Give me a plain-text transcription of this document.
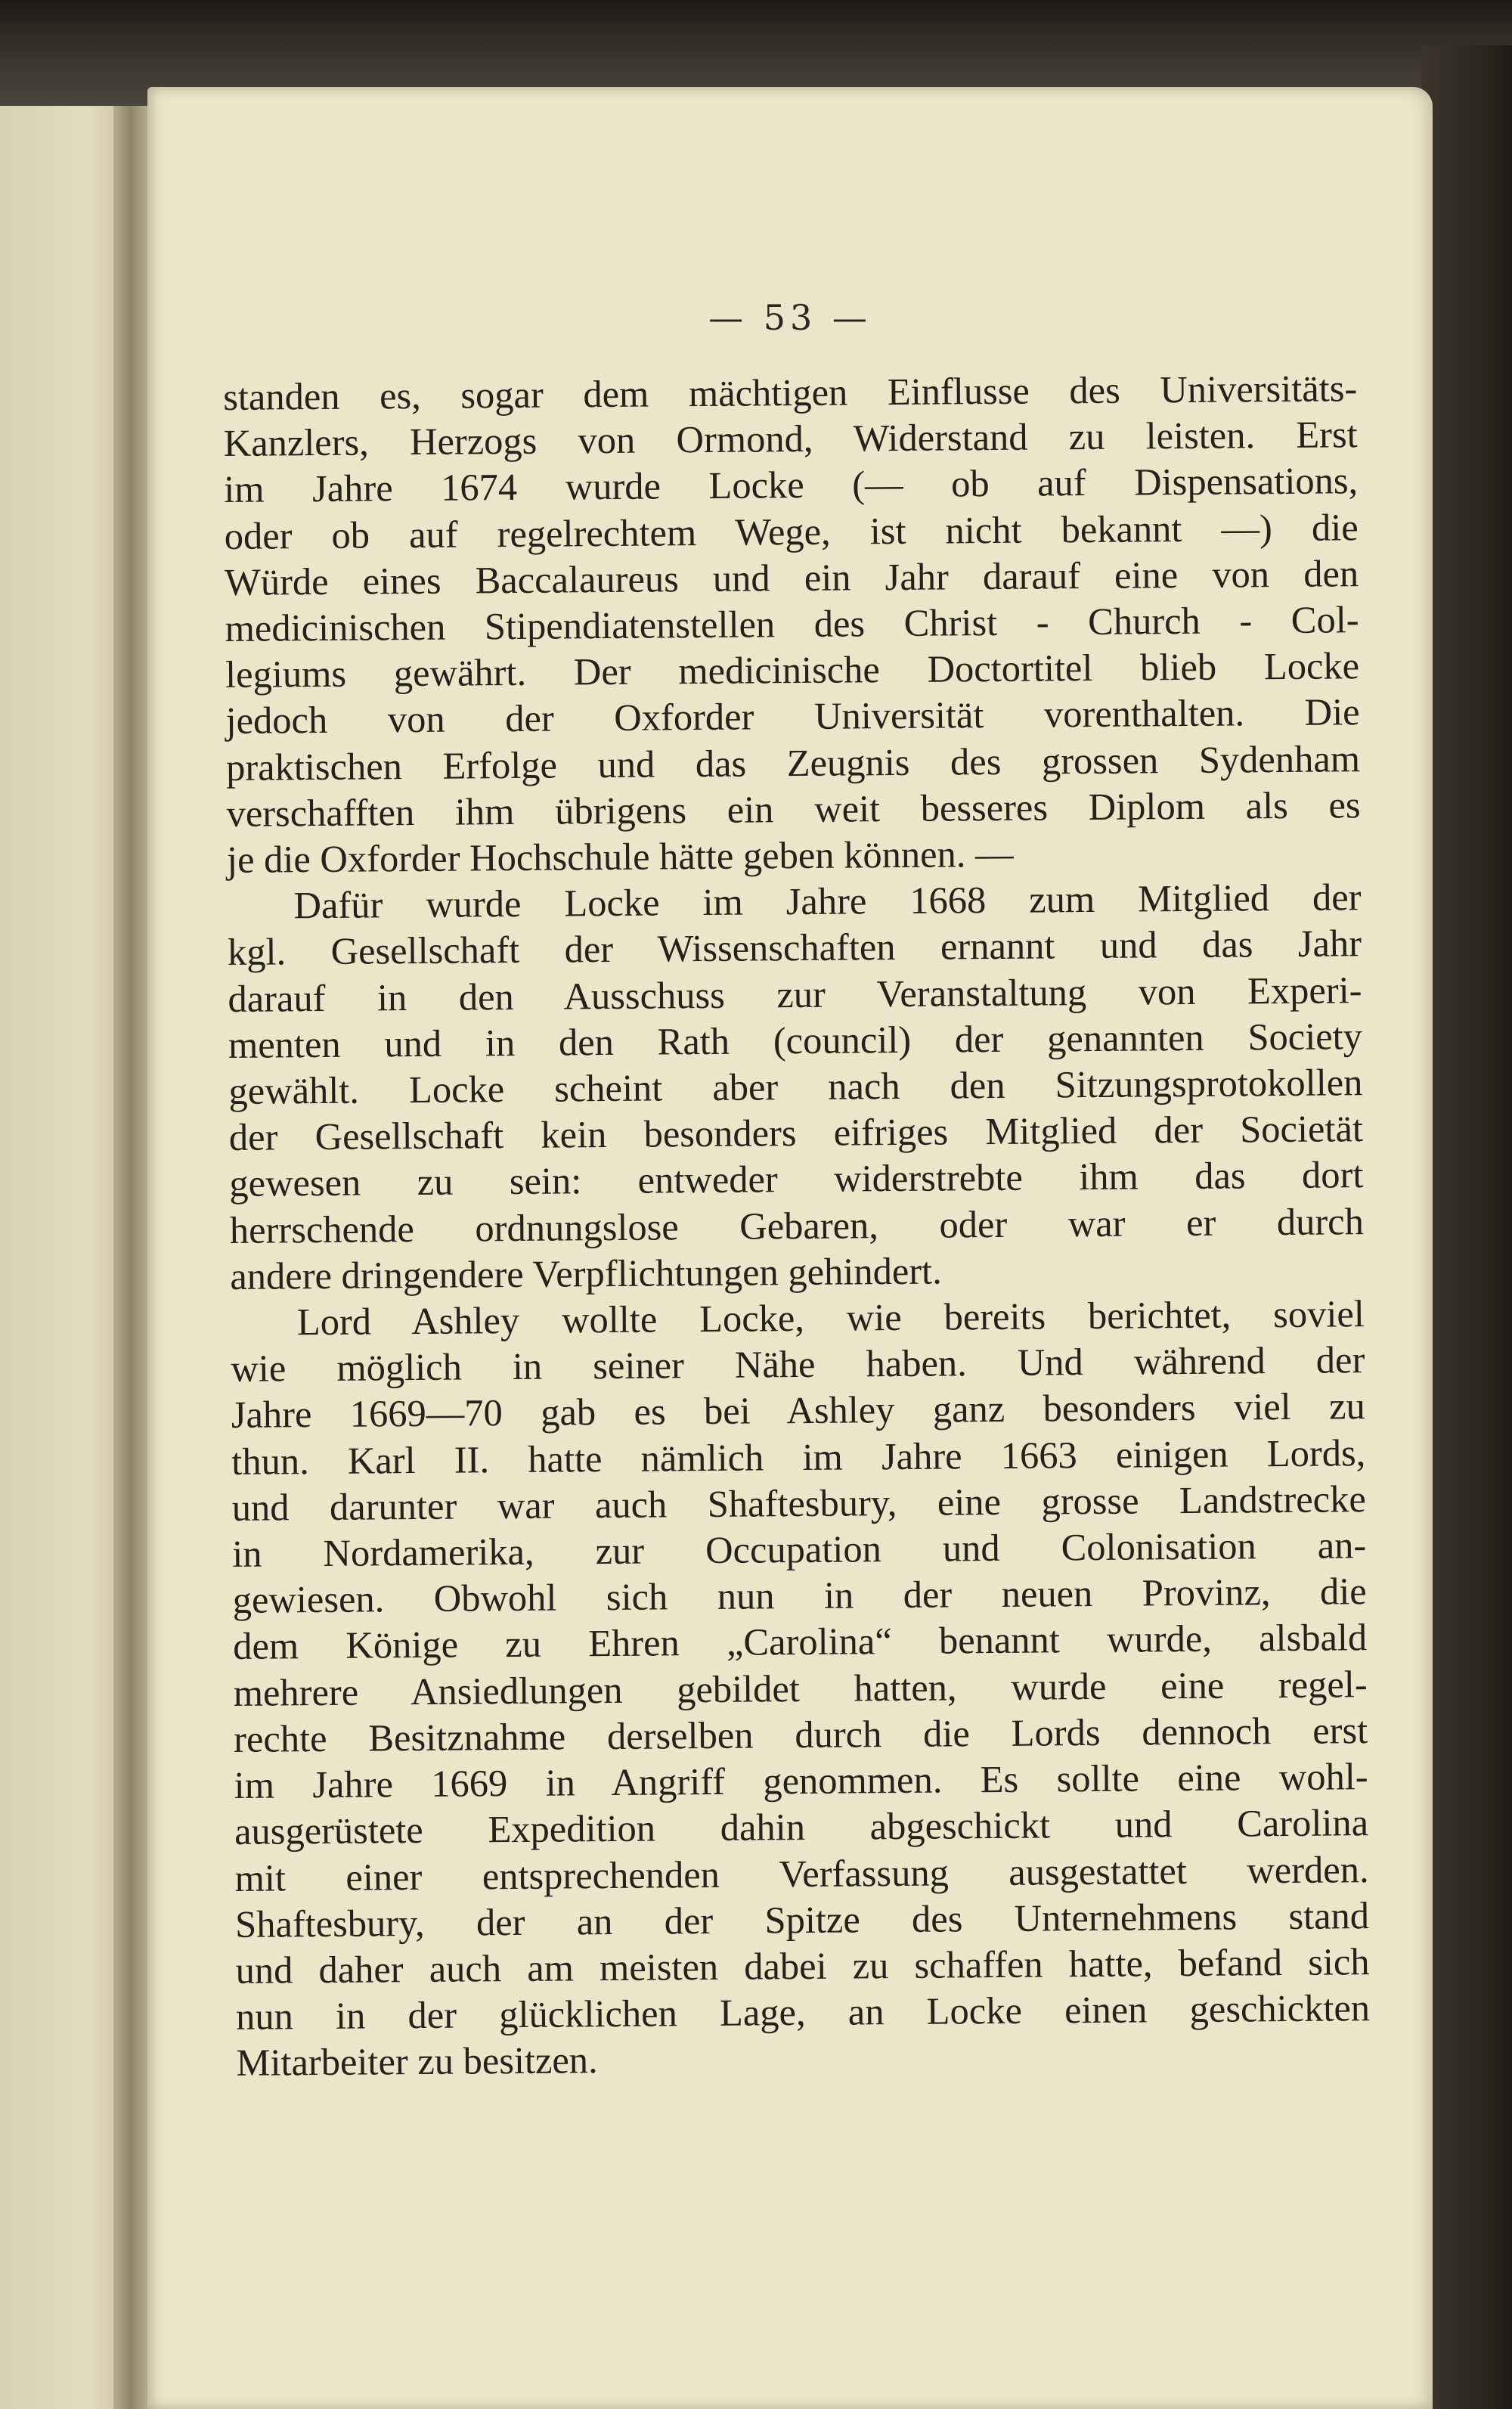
— 53 —
standen es, sogar dem mächtigen Einflusse des Universitäts-
Kanzlers, Herzogs von Ormond, Widerstand zu leisten. Erst
im Jahre 1674 wurde Locke (— ob auf Dispensations,
oder ob auf regelrechtem Wege, ist nicht bekannt —) die
Würde eines Baccalaureus und ein Jahr darauf eine von den
medicinischen Stipendiatenstellen des Christ - Church - Col-
legiums gewährt. Der medicinische Doctortitel blieb Locke
jedoch von der Oxforder Universität vorenthalten. Die
praktischen Erfolge und das Zeugnis des grossen Sydenham
verschafften ihm übrigens ein weit besseres Diplom als es
je die Oxforder Hochschule hätte geben können. —
Dafür wurde Locke im Jahre 1668 zum Mitglied der
kgl. Gesellschaft der Wissenschaften ernannt und das Jahr
darauf in den Ausschuss zur Veranstaltung von Experi-
menten und in den Rath (council) der genannten Society
gewählt. Locke scheint aber nach den Sitzungsprotokollen
der Gesellschaft kein besonders eifriges Mitglied der Societät
gewesen zu sein: entweder widerstrebte ihm das dort
herrschende ordnungslose Gebaren, oder war er durch
andere dringendere Verpflichtungen gehindert.
Lord Ashley wollte Locke, wie bereits berichtet, soviel
wie möglich in seiner Nähe haben. Und während der
Jahre 1669—70 gab es bei Ashley ganz besonders viel zu
thun. Karl II. hatte nämlich im Jahre 1663 einigen Lords,
und darunter war auch Shaftesbury, eine grosse Landstrecke
in Nordamerika, zur Occupation und Colonisation an-
gewiesen. Obwohl sich nun in der neuen Provinz, die
dem Könige zu Ehren „Carolina“ benannt wurde, alsbald
mehrere Ansiedlungen gebildet hatten, wurde eine regel-
rechte Besitznahme derselben durch die Lords dennoch erst
im Jahre 1669 in Angriff genommen. Es sollte eine wohl-
ausgerüstete Expedition dahin abgeschickt und Carolina
mit einer entsprechenden Verfassung ausgestattet werden.
Shaftesbury, der an der Spitze des Unternehmens stand
und daher auch am meisten dabei zu schaffen hatte, befand sich
nun in der glücklichen Lage, an Locke einen geschickten
Mitarbeiter zu besitzen.
